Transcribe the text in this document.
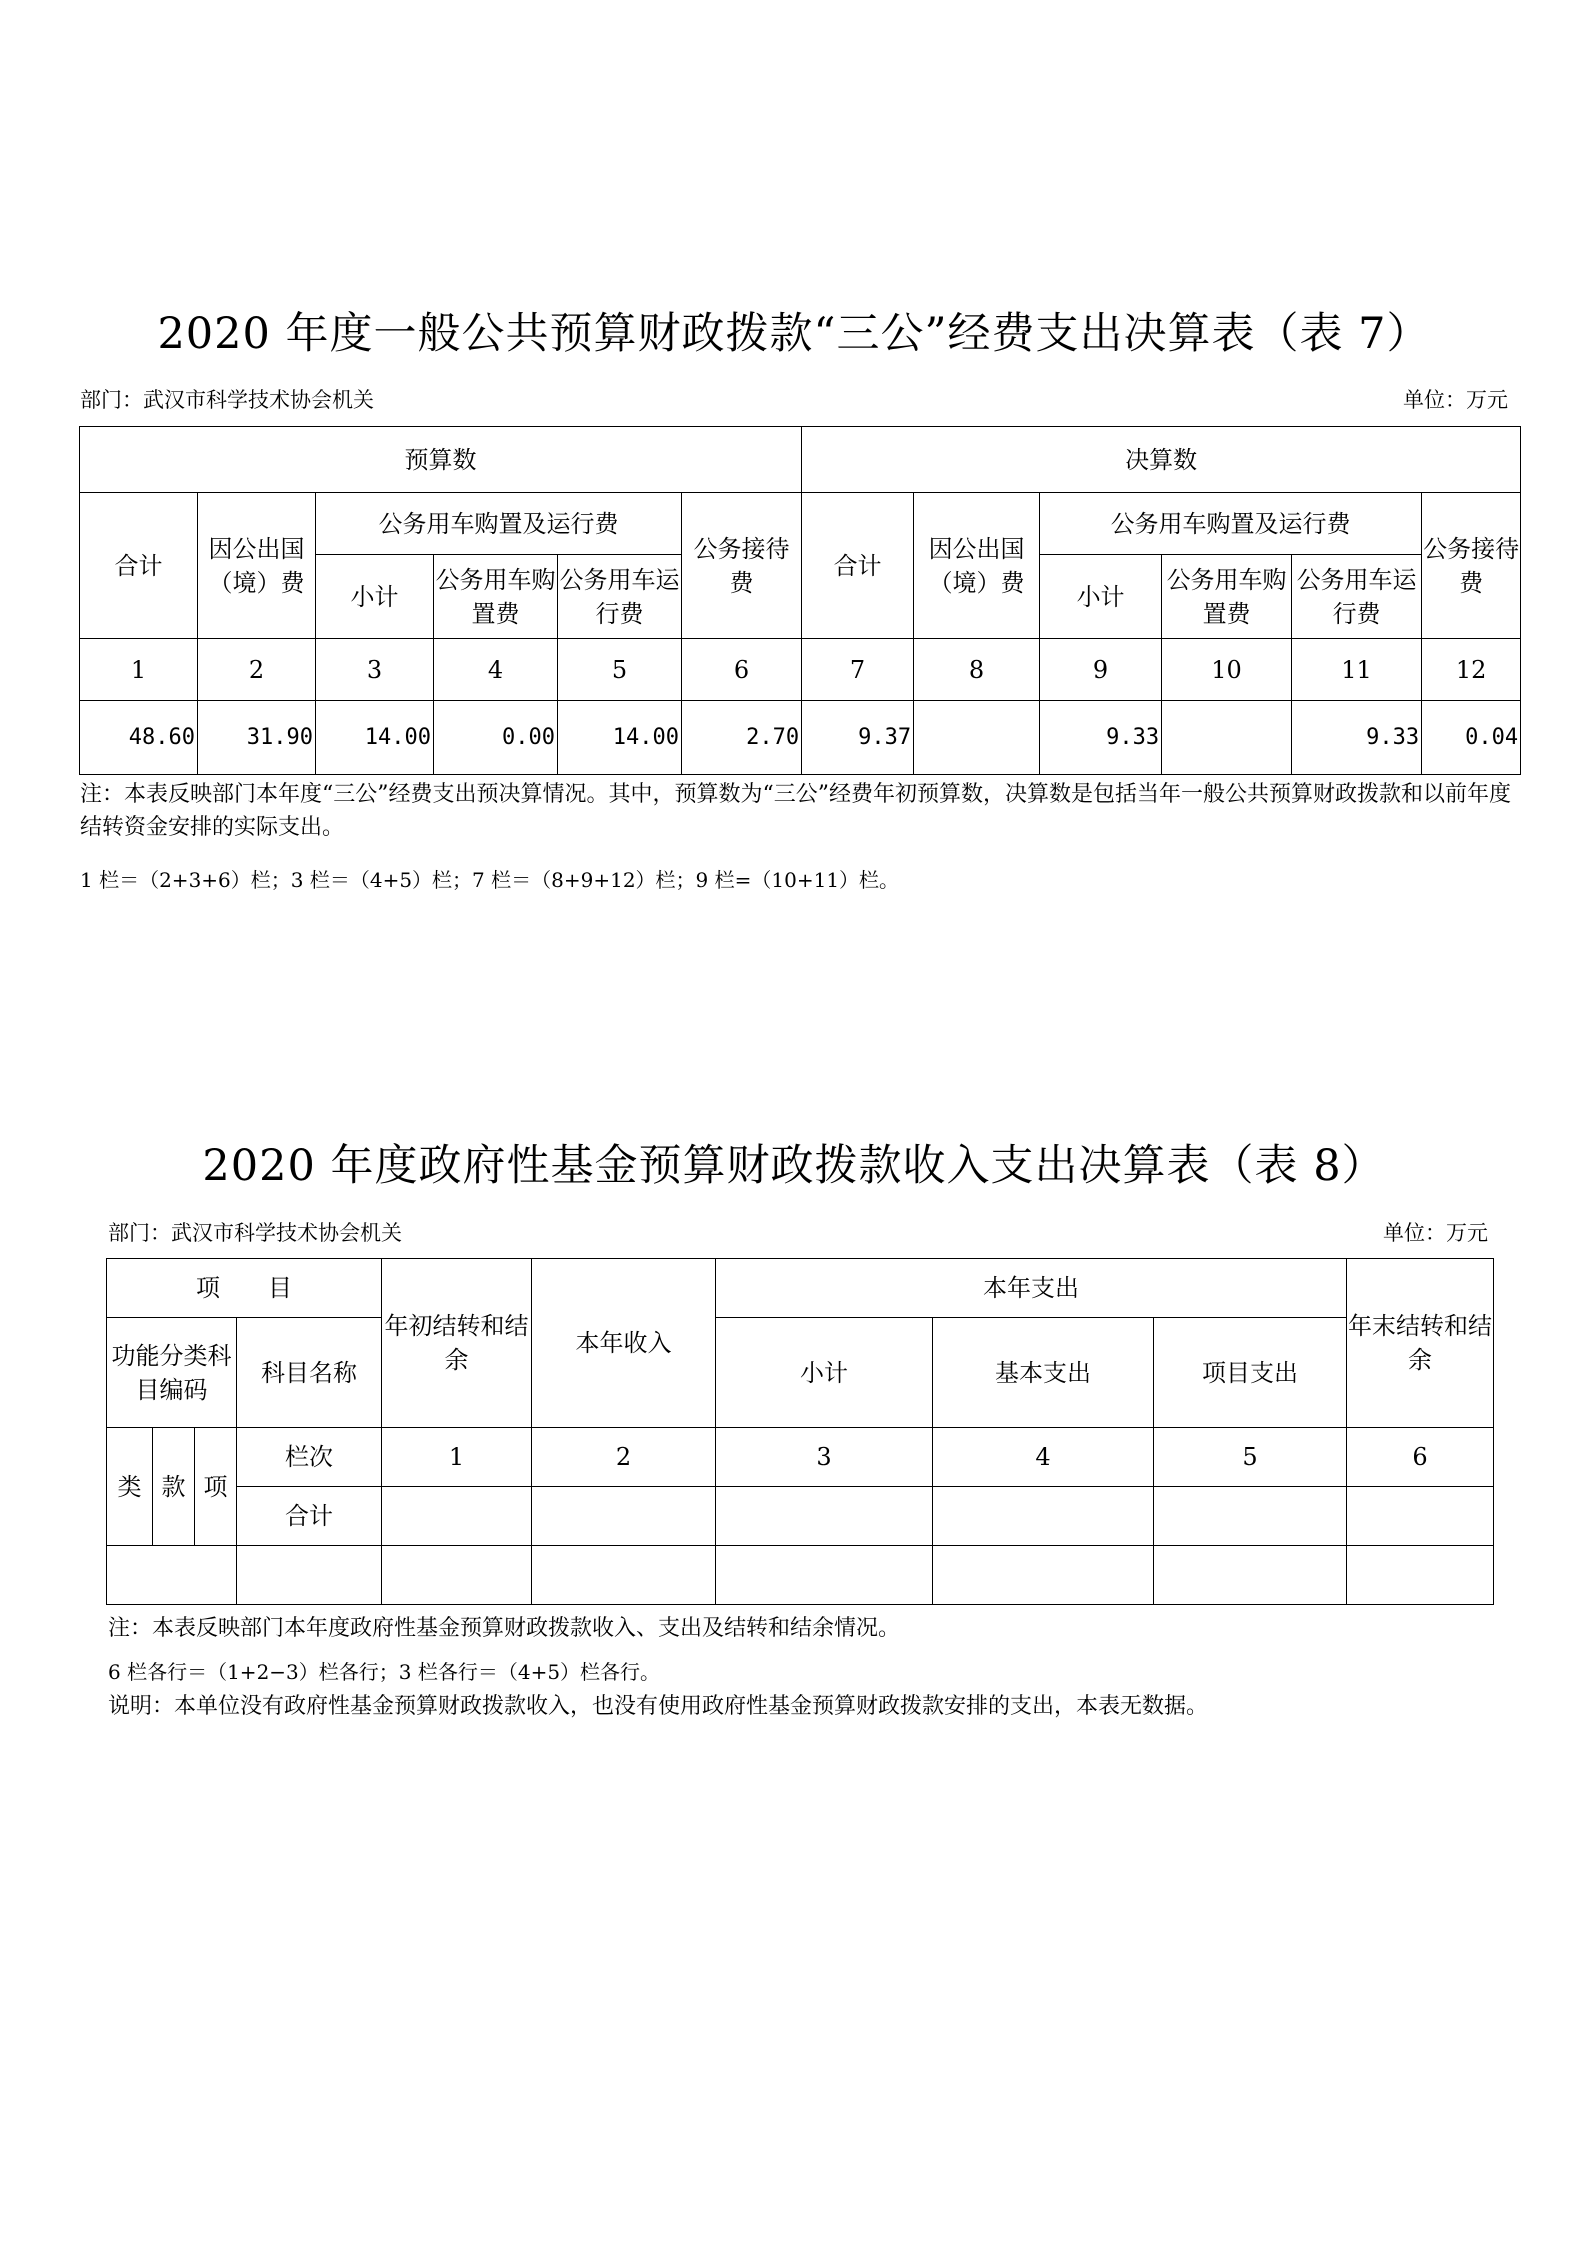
2020 年度一般公共预算财政拨款“三公”经费支出决算表（表 7）
部门：武汉市科学技术协会机关	单位：万元
预算数						决算数					
合计	因公出国（境）费	公务用车购置及运行费			公务接待费	合计	因公出国（境）费	公务用车购置及运行费			公务接待费
		小计	公务用车购置费	公务用车运行费				小计	公务用车购置费	公务用车运行费	
1	2	3	4	5	6	7	8	9	10	11	12
48.60	31.90	14.00	0.00	14.00	2.70	9.37		9.33		9.33	0.04
注：本表反映部门本年度“三公”经费支出预决算情况。其中，预算数为“三公”经费年初预算数，决算数是包括当年一般公共预算财政拨款和以前年度结转资金安排的实际支出。
1 栏＝（2+3+6）栏；3 栏＝（4+5）栏；7 栏＝（8+9+12）栏；9 栏=（10+11）栏。
2020 年度政府性基金预算财政拨款收入支出决算表（表 8）
部门：武汉市科学技术协会机关	单位：万元
项　　目				年初结转和结余	本年收入	本年支出			年末结转和结余
功能分类科目编码			科目名称			小计	基本支出	项目支出	

类	款	项	栏次	1	2	3	4	5	6
			合计						

注：本表反映部门本年度政府性基金预算财政拨款收入、支出及结转和结余情况。
6 栏各行＝（1+2−3）栏各行；3 栏各行＝（4+5）栏各行。
说明：本单位没有政府性基金预算财政拨款收入，也没有使用政府性基金预算财政拨款安排的支出，本表无数据。
